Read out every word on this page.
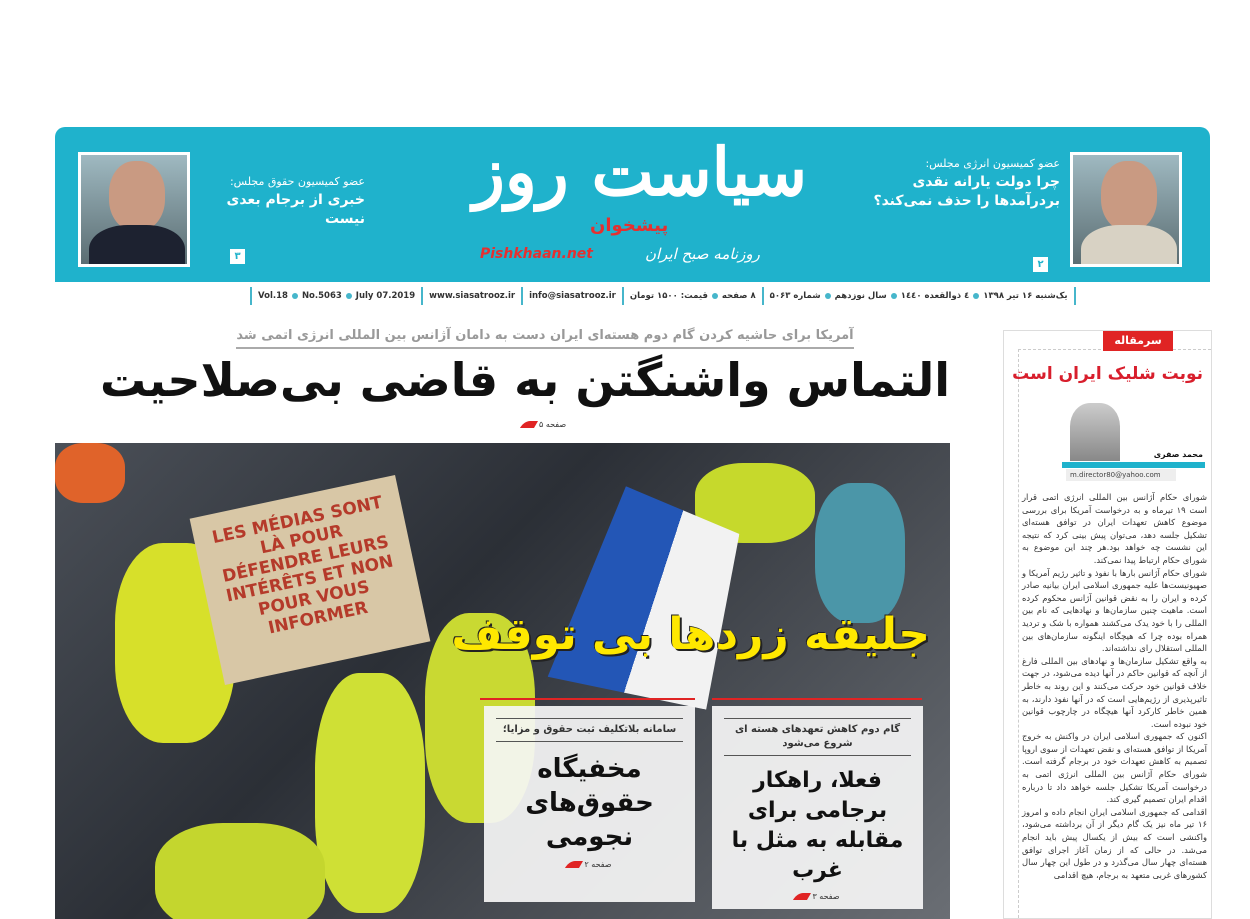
عضو کمیسیون حقوق مجلس:
خبری از برجام بعدی نیست
۳
سیاست روز
پیشخوان
Pishkhaan.net	روزنامه صبح ایران
عضو کمیسیون انرژی مجلس:
چرا دولت یارانه نقدی بردرآمدها را حذف نمی‌کند؟
۲
Vol.18 No.5063 July 07.2019 www.siasatrooz.ir info@siasatrooz.ir	۸ صفحه
قیمت: ۱۵۰۰ تومان	یک‌شنبه ۱۶ تیر ۱۳۹۸
٤ ذوالقعده ١٤٤٠
سال نوزدهم
شماره ۵۰۶۳
آمریکا برای حاشیه کردن گام دوم هسته‌ای ایران دست به دامان آژانس بین المللی انرژی اتمی شد
التماس واشنگتن به قاضی بی‌صلاحیت
صفحه ۵
LES MÉDIAS SONT LÀ POUR DÉFENDRE LEURS INTÉRÊTS ET NON POUR VOUS INFORMER	جلیقه زردها بی توقف
سامانه بلاتکلیف ثبت حقوق و مزایا؛
مخفیگاه حقوق‌های نجومی
صفحه ۲
گام دوم کاهش تعهدهای هسته ای شروع می‌شود
فعلا، راهکار برجامی برای مقابله به مثل با غرب
صفحه ۳
سرمقاله
نوبت شلیک ایران است
محمد صفری
m.director80@yahoo.com

شورای حکام آژانس بین المللی انرژی اتمی قرار است ۱۹ تیرماه و به درخواست آمریکا برای بررسی موضوع کاهش تعهدات ایران در توافق هسته‌ای تشکیل جلسه دهد، می‌توان پیش بینی کرد که نتیجه این نشست چه خواهد بود.هر چند این موضوع به شورای حکام ارتباط پیدا نمی‌کند.

شورای حکام آژانس بارها با نفوذ و تاثیر رژیم آمریکا و صهیونیست‌ها علیه جمهوری اسلامی ایران بیانیه صادر کرده و ایران را به نقض قوانین آژانس محکوم کرده است. ماهیت چنین سازمان‌ها و نهادهایی که نام بین المللی را با خود یدک می‌کشند همواره با شک و تردید همراه بوده چرا که هیچگاه اینگونه سازمان‌های بین المللی استقلال رای نداشته‌اند.

به واقع تشکیل سازمان‌ها و نهادهای بین المللی فارغ از آنچه که قوانین حاکم در آنها دیده می‌شود، در جهت خلاف قوانین خود حرکت می‌کنند و این روند به خاطر تاثیرپذیری از رژیم‌هایی است که در آنها نفوذ دارند، به همین خاطر کارکرد آنها هیچگاه در چارچوب قوانین خود نبوده است.

اکنون که جمهوری اسلامی ایران در واکنش به خروج آمریکا از توافق هسته‌ای و نقض تعهدات از سوی اروپا تصمیم به کاهش تعهدات خود در برجام گرفته است. شورای حکام آژانس بین المللی انرژی اتمی به درخواست آمریکا تشکیل جلسه خواهد داد تا درباره اقدام ایران تصمیم گیری کند.

اقدامی که جمهوری اسلامی ایران انجام داده و امروز ۱۶ تیر ماه نیز یک گام دیگر از آن برداشته می‌شود، واکنشی است که بیش از یکسال پیش باید انجام می‌شد. در حالی که از زمان آغاز اجرای توافق هسته‌ای چهار سال می‌گذرد و در طول این چهار سال کشورهای غربی متعهد به برجام، هیچ اقدامی
